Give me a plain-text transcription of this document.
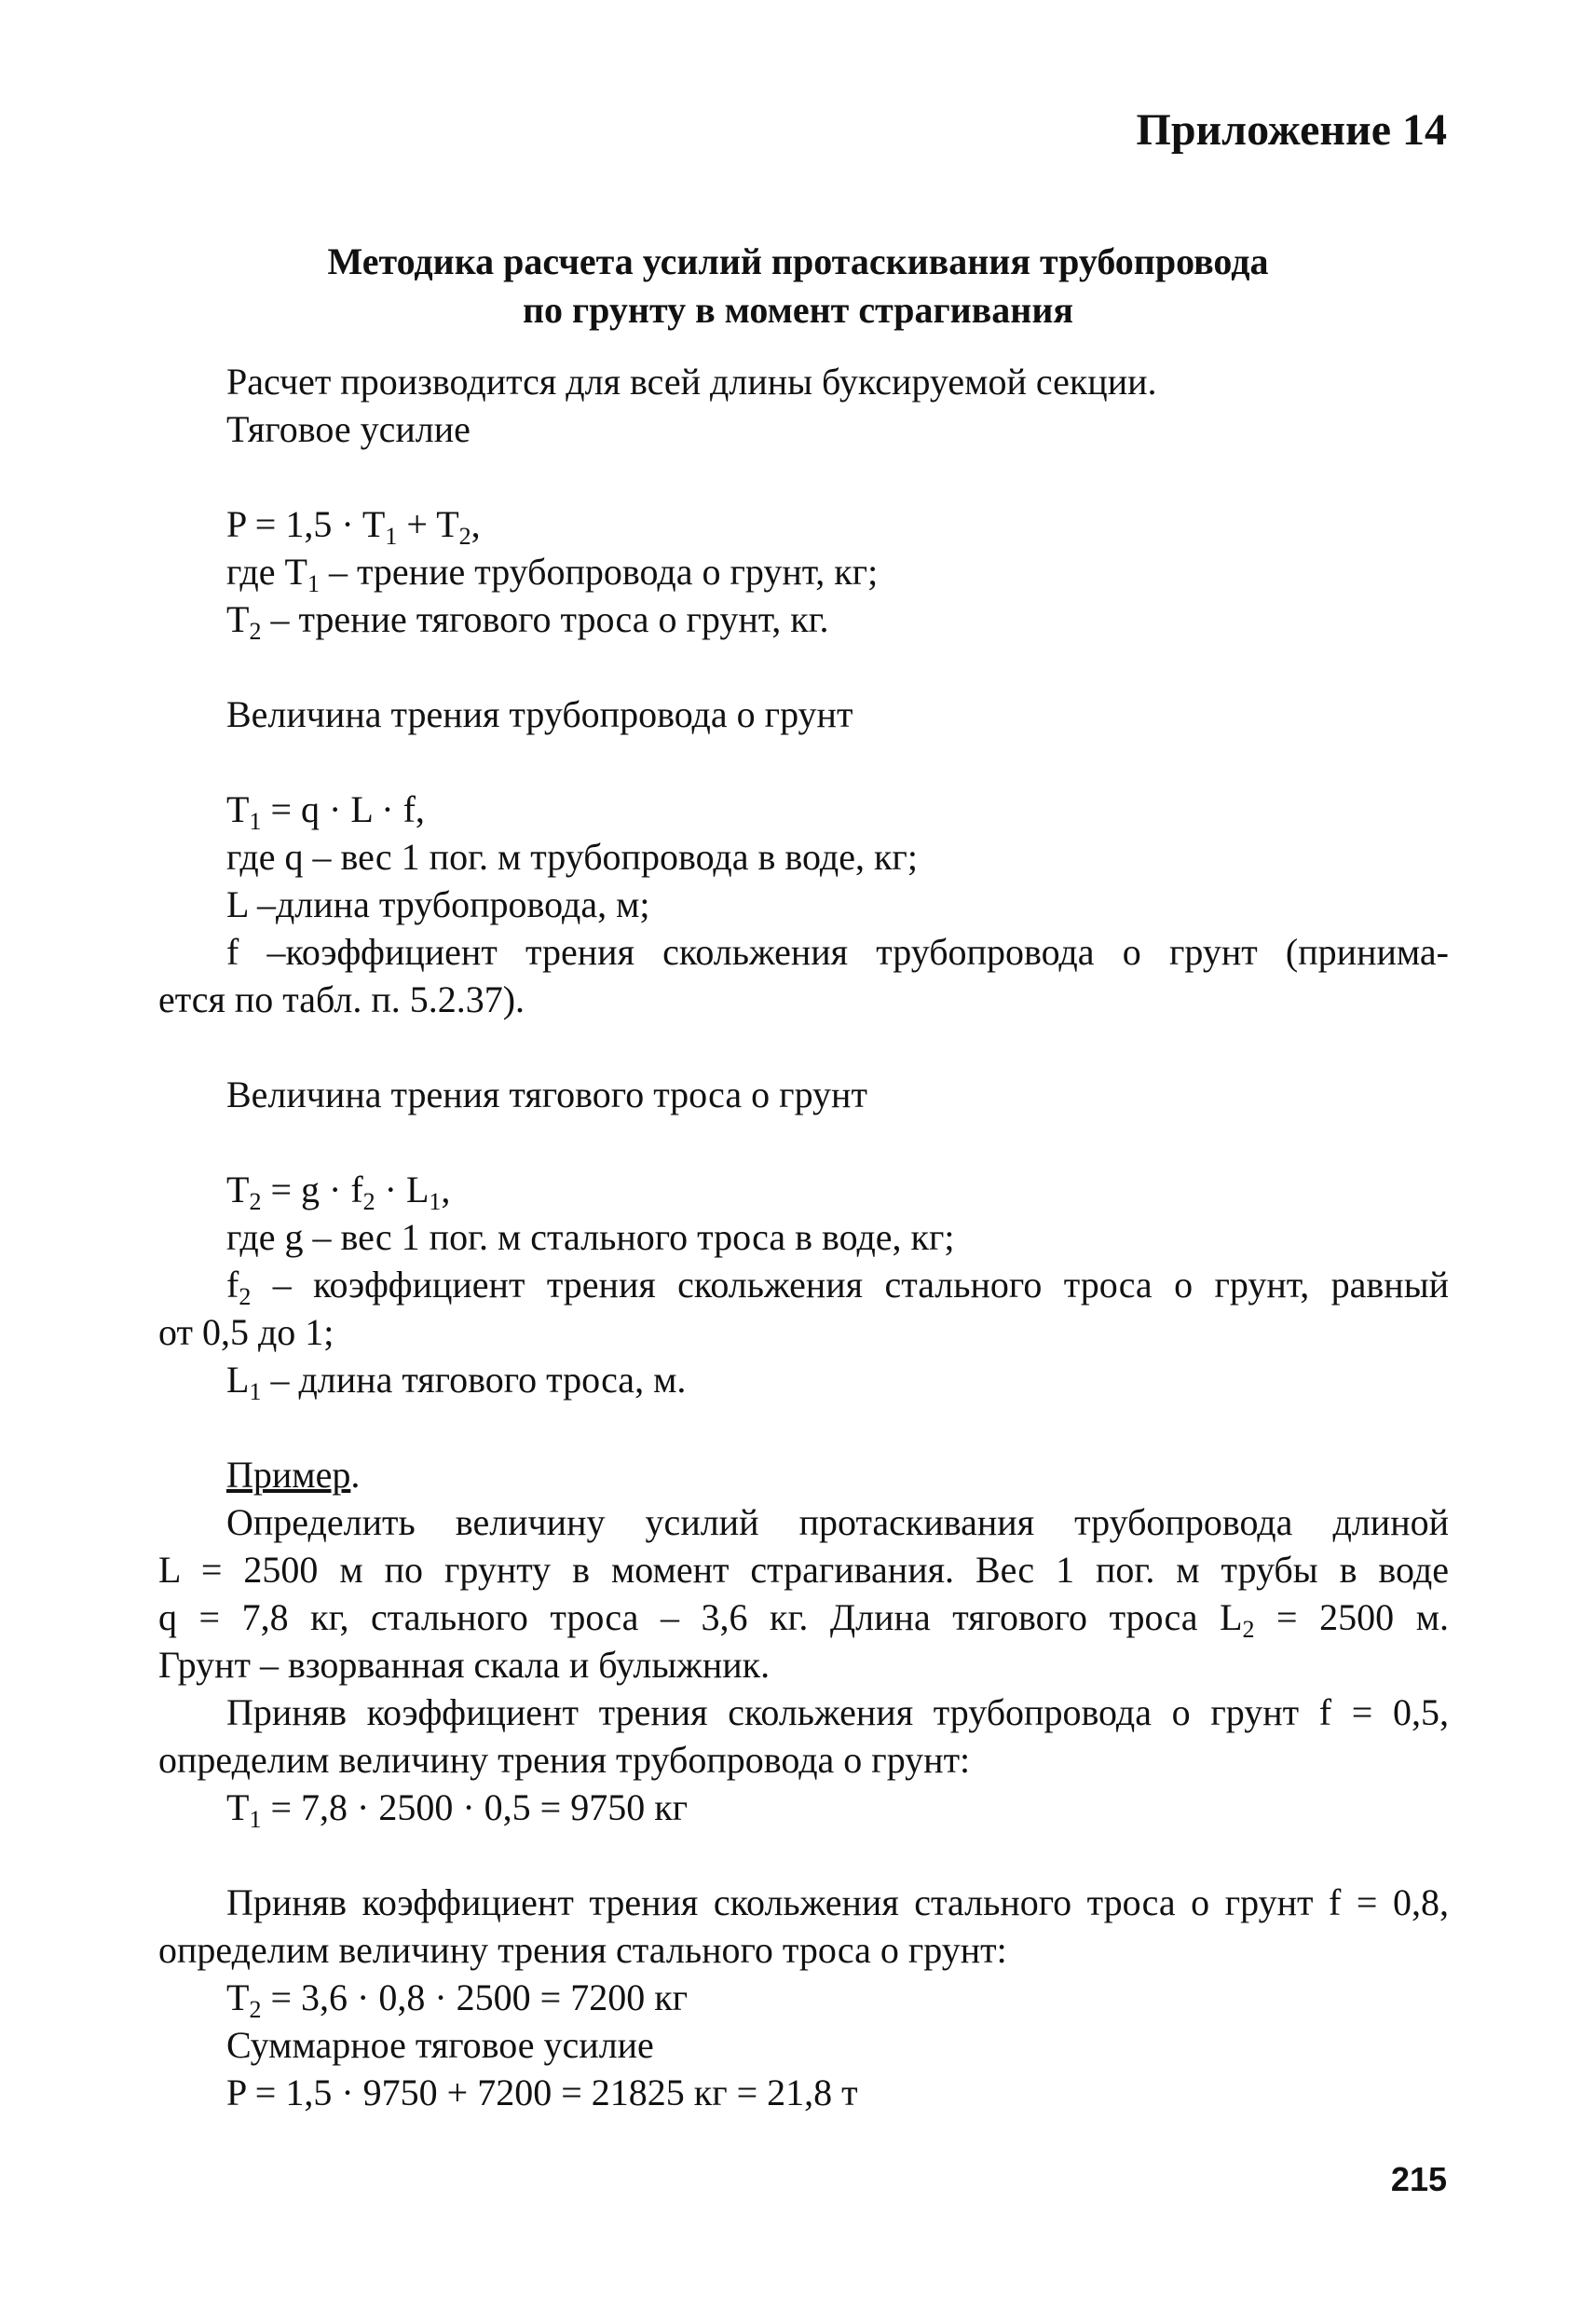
Приложение 14
Методика расчета усилий протаскивания трубопровода
по грунту в момент страгивания

Расчет производится для всей длины буксируемой секции.

Тяговое усилие

$P = 1,5 \cdot T_1 + T_2$,

где $T_1$ – трение трубопровода о грунт, кг;

$T_2$ – трение тягового троса о грунт, кг.

Величина трения трубопровода о грунт

$T_1 = q \cdot L \cdot f$,

где q – вес 1 пог. м трубопровода в воде, кг;

L –длина трубопровода, м;

f –коэффициент трения скольжения трубопровода о грунт (принима-

ется по табл. п. 5.2.37).

Величина трения тягового троса о грунт

$T_2 = g \cdot f_2 \cdot L_1$,

где g – вес 1 пог. м стального троса в воде, кг;

$f_2$ – коэффициент трения скольжения стального троса о грунт, равный

от 0,5 до 1;

$L_1$ – длина тягового троса, м.

Пример.

Определить величину усилий протаскивания трубопровода длиной

L = 2500 м по грунту в момент страгивания. Вес 1 пог. м трубы в воде

q = 7,8 кг, стального троса – 3,6 кг. Длина тягового троса $L_2 = 2500$ м.

Грунт – взорванная скала и булыжник.

Приняв коэффициент трения скольжения трубопровода о грунт f = 0,5,

определим величину трения трубопровода о грунт:

$T_1 = 7,8 \cdot 2500 \cdot 0,5 = 9750$ кг

Приняв коэффициент трения скольжения стального троса о грунт f = 0,8,

определим величину трения стального троса о грунт:

$T_2 = 3,6 \cdot 0,8 \cdot 2500 = 7200$ кг

Суммарное тяговое усилие

P = 1,5 · 9750 + 7200 = 21825 кг = 21,8 т

215
